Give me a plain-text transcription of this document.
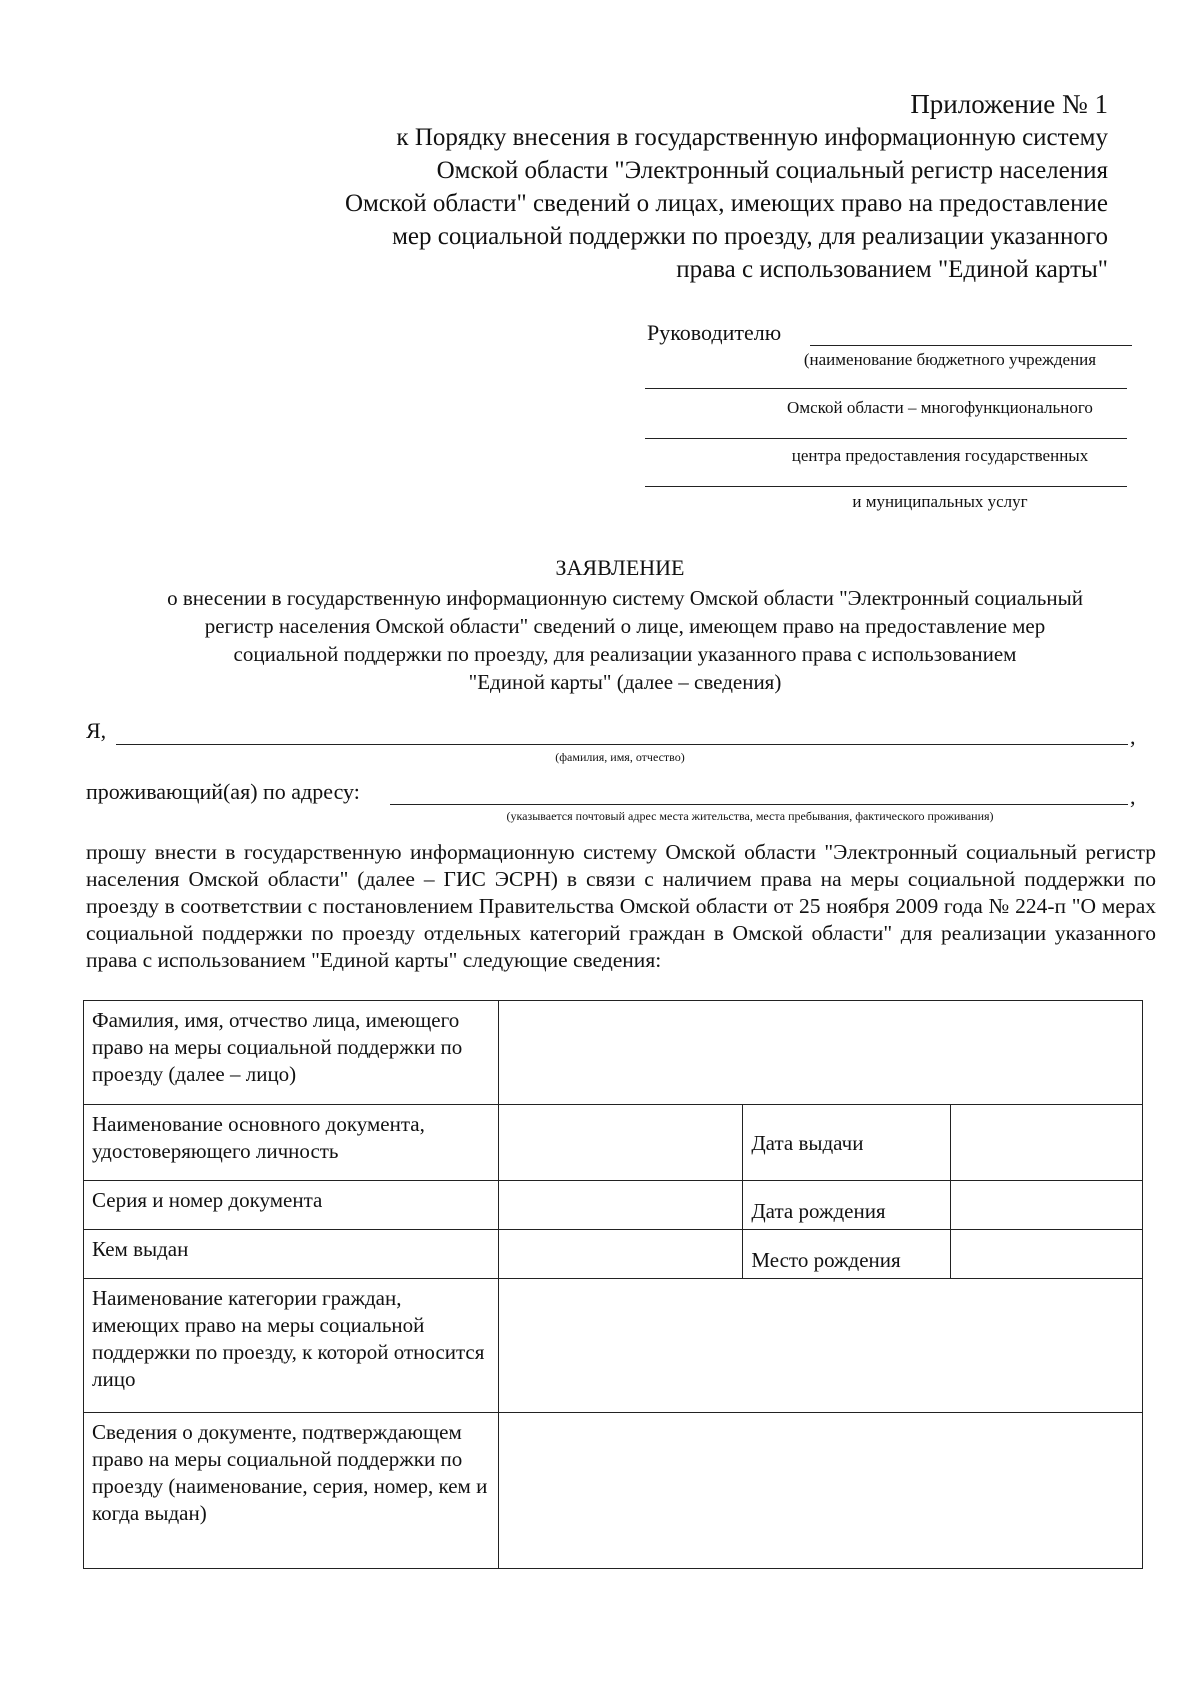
Приложение № 1
к Порядку внесения в государственную информационную систему
Омской области "Электронный социальный регистр населения
Омской области" сведений о лицах, имеющих право на предоставление
мер социальной поддержки по проезду, для реализации указанного
права с использованием "Единой карты"
Руководителю
(наименование бюджетного учреждения
Омской области – многофункционального
центра предоставления государственных
и муниципальных услуг
ЗАЯВЛЕНИЕ
о внесении в государственную информационную систему Омской области "Электронный социальный
регистр населения Омской области" сведений о лице, имеющем право на предоставление мер
социальной поддержки по проезду, для реализации указанного права с использованием
"Единой карты" (далее – сведения)
Я,	,
(фамилия, имя, отчество)
проживающий(ая) по адресу:	,
(указывается почтовый адрес места жительства, места пребывания, фактического проживания)
прошу внести в государственную информационную систему Омской области "Электронный социальный регистр населения Омской области" (далее – ГИС ЭСРН) в связи с наличием права на меры социальной поддержки по проезду в соответствии с постановлением Правительства Омской области от 25 ноября 2009 года № 224-п "О мерах социальной поддержки по проезду отдельных категорий граждан в Омской области" для реализации указанного права с использованием "Единой карты" следующие сведения:
Фамилия, имя, отчество лица, имеющего право на меры социальной поддержки по проезду (далее – лицо)			
Наименование основного документа, удостоверяющего личность		Дата выдачи	
Серия и номер документа		Дата рождения	
Кем выдан		Место рождения	
Наименование категории граждан, имеющих право на меры социальной поддержки по проезду, к которой относится лицо			
Сведения о документе, подтверждающем право на меры социальной поддержки по проезду (наименование, серия, номер, кем и когда выдан)			
